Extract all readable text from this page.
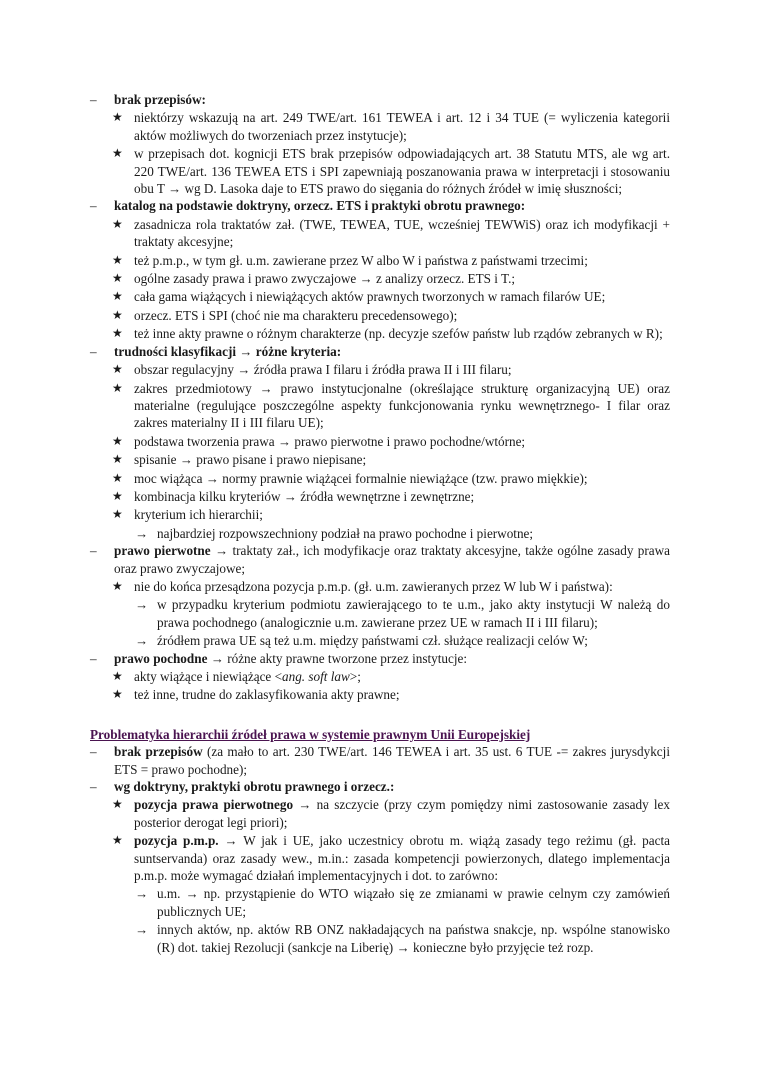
– brak przepisów:
★ niektórzy wskazują na art. 249 TWE/art. 161 TEWEA i art. 12 i 34 TUE (= wyliczenia kategorii aktów możliwych do tworzeniach przez instytucje);
★ w przepisach dot. kognicji ETS brak przepisów odpowiadających art. 38 Statutu MTS, ale wg art. 220 TWE/art. 136 TEWEA ETS i SPI zapewniają poszanowania prawa w interpretacji i stosowaniu obu T → wg D. Lasoka daje to ETS prawo do sięgania do różnych źródeł w imię słuszności;
– katalog na podstawie doktryny, orzecz. ETS i praktyki obrotu prawnego:
★ zasadnicza rola traktatów zał. (TWE, TEWEA, TUE, wcześniej TEWWiS) oraz ich modyfikacji + traktaty akcesyjne;
★ też p.m.p., w tym gł. u.m. zawierane przez W albo W i państwa z państwami trzecimi;
★ ogólne zasady prawa i prawo zwyczajowe → z analizy orzecz. ETS i T.;
★ cała gama wiążących i niewiążących aktów prawnych tworzonych w ramach filarów UE;
★ orzecz. ETS i SPI (choć nie ma charakteru precedensowego);
★ też inne akty prawne o różnym charakterze (np. decyzje szefów państw lub rządów zebranych w R);
– trudności klasyfikacji → różne kryteria:
★ obszar regulacyjny → źródła prawa I filaru i źródła prawa II i III filaru;
★ zakres przedmiotowy → prawo instytucjonalne (określające strukturę organizacyjną UE) oraz materialne (regulujące poszczególne aspekty funkcjonowania rynku wewnętrznego- I filar oraz zakres materialny II i III filaru UE);
★ podstawa tworzenia prawa → prawo pierwotne i prawo pochodne/wtórne;
★ spisanie → prawo pisane i prawo niepisane;
★ moc wiążąca → normy prawnie wiążącei formalnie niewiążące (tzw. prawo miękkie);
★ kombinacja kilku kryteriów → źródła wewnętrzne i zewnętrzne;
★ kryterium ich hierarchii;
→ najbardziej rozpowszechniony podział na prawo pochodne i pierwotne;
– prawo pierwotne → traktaty zał., ich modyfikacje oraz traktaty akcesyjne, także ogólne zasady prawa oraz prawo zwyczajowe;
★ nie do końca przesądzona pozycja p.m.p. (gł. u.m. zawieranych przez W lub W i państwa):
→ w przypadku kryterium podmiotu zawierającego to te u.m., jako akty instytucji W należą do prawa pochodnego (analogicznie u.m. zawierane przez UE w ramach II i III filaru);
→ źródłem prawa UE są też u.m. między państwami czł. służące realizacji celów W;
– prawo pochodne → różne akty prawne tworzone przez instytucje:
★ akty wiążące i niewiążące <ang. soft law>;
★ też inne, trudne do zaklasyfikowania akty prawne;
Problematyka hierarchii źródeł prawa w systemie prawnym Unii Europejskiej
– brak przepisów (za mało to art. 230 TWE/art. 146 TEWEA i art. 35 ust. 6 TUE -= zakres jurysdykcji ETS = prawo pochodne);
– wg doktryny, praktyki obrotu prawnego i orzecz.:
★ pozycja prawa pierwotnego → na szczycie (przy czym pomiędzy nimi zastosowanie zasady lex posterior derogat legi priori);
★ pozycja p.m.p. → W jak i UE, jako uczestnicy obrotu m. wiążą zasady tego reżimu (gł. pacta suntservanda) oraz zasady wew., m.in.: zasada kompetencji powierzonych, dlatego implementacja p.m.p. może wymagać działań implementacyjnych i dot. to zarówno:
→ u.m. → np. przystąpienie do WTO wiązało się ze zmianami w prawie celnym czy zamówień publicznych UE;
→ innych aktów, np. aktów RB ONZ nakładających na państwa snakcje, np. wspólne stanowisko (R) dot. takiej Rezolucji (sankcje na Liberię) → konieczne było przyjęcie też rozp.
